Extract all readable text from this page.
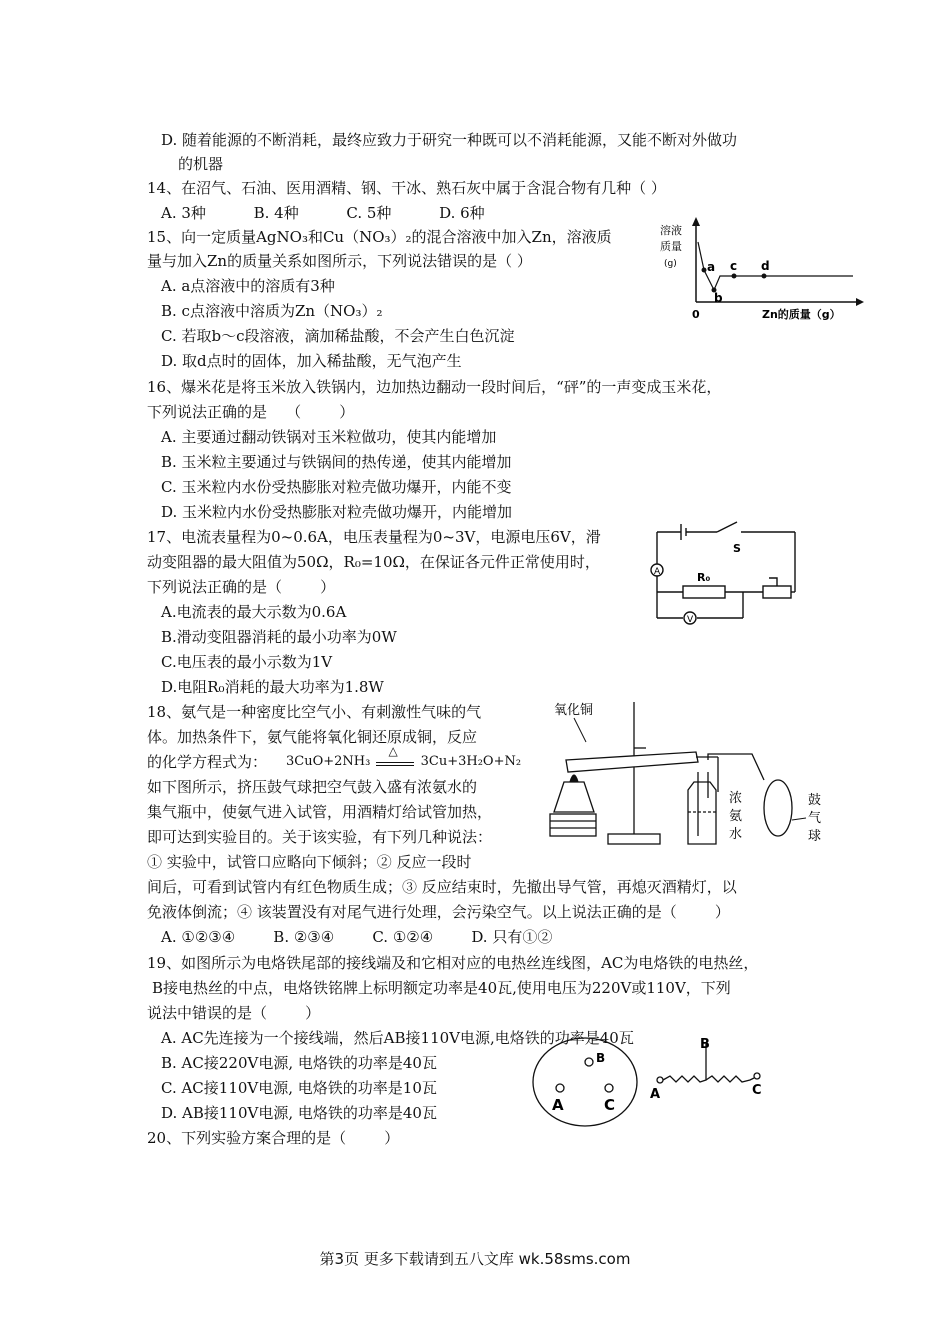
D. 随着能源的不断消耗，最终应致力于研究一种既可以不消耗能源，又能不断对外做功
的机器
14、在沼气、石油、医用酒精、钢、干冰、熟石灰中属于含混合物有几种（ ）
A. 3种          B. 4种          C. 5种          D. 6种
15、向一定质量AgNO₃和Cu（NO₃）₂的混合溶液中加入Zn，溶液质
量与加入Zn的质量关系如图所示，下列说法错误的是（ ）
A. a点溶液中的溶质有3种
B. c点溶液中溶质为Zn（NO₃）₂
C. 若取b～c段溶液，滴加稀盐酸，不会产生白色沉淀
D. 取d点时的固体，加入稀盐酸，无气泡产生
溶液
质量
(g)	a
b
c d
0	Zn的质量（g）
16、爆米花是将玉米放入铁锅内，边加热边翻动一段时间后，“砰”的一声变成玉米花，
下列说法正确的是    （        ）
A. 主要通过翻动铁锅对玉米粒做功，使其内能增加
B. 玉米粒主要通过与铁锅间的热传递，使其内能增加
C. 玉米粒内水份受热膨胀对粒壳做功爆开，内能不变
D. 玉米粒内水份受热膨胀对粒壳做功爆开，内能增加
17、电流表量程为0~0.6A，电压表量程为0~3V，电源电压6V，滑
动变阻器的最大阻值为50Ω，R₀=10Ω，在保证各元件正常使用时，
下列说法正确的是（        ）
A.电流表的最大示数为0.6A
B.滑动变阻器消耗的最小功率为0W
C.电压表的最小示数为1V
D.电阻R₀消耗的最大功率为1.8W
A
V
S
R₀
18、氨气是一种密度比空气小、有刺激性气味的气
体。加热条件下，氨气能将氧化铜还原成铜，反应
的化学方程式为： 3CuO+2NH₃
△
3Cu+3H₂O+N₂
如下图所示，挤压鼓气球把空气鼓入盛有浓氨水的
集气瓶中，使氨气进入试管，用酒精灯给试管加热，
即可达到实验目的。关于该实验，有下列几种说法：
① 实验中，试管口应略向下倾斜；② 反应一段时
间后，可看到试管内有红色物质生成；③ 反应结束时，先撤出导气管，再熄灭酒精灯，以
免液体倒流；④ 该装置没有对尾气进行处理，会污染空气。以上说法正确的是（        ）
A. ①②③④        B. ②③④        C. ①②④        D. 只有①②
氧化铜
浓
氨
水
鼓
气
球
19、如图所示为电烙铁尾部的接线端及和它相对应的电热丝连线图，AC为电烙铁的电热丝，
B接电热丝的中点，电烙铁铭牌上标明额定功率是40瓦,使用电压为220V或110V，下列
说法中错误的是（        ）
A. AC先连接为一个接线端，然后AB接110V电源,电烙铁的功率是40瓦
B. AC接220V电源, 电烙铁的功率是40瓦
C. AC接110V电源, 电烙铁的功率是10瓦
D. AB接110V电源, 电烙铁的功率是40瓦	A	C
B
A
B
C
20、下列实验方案合理的是（        ）
第3页 更多下载请到五八文库 wk.58sms.com
